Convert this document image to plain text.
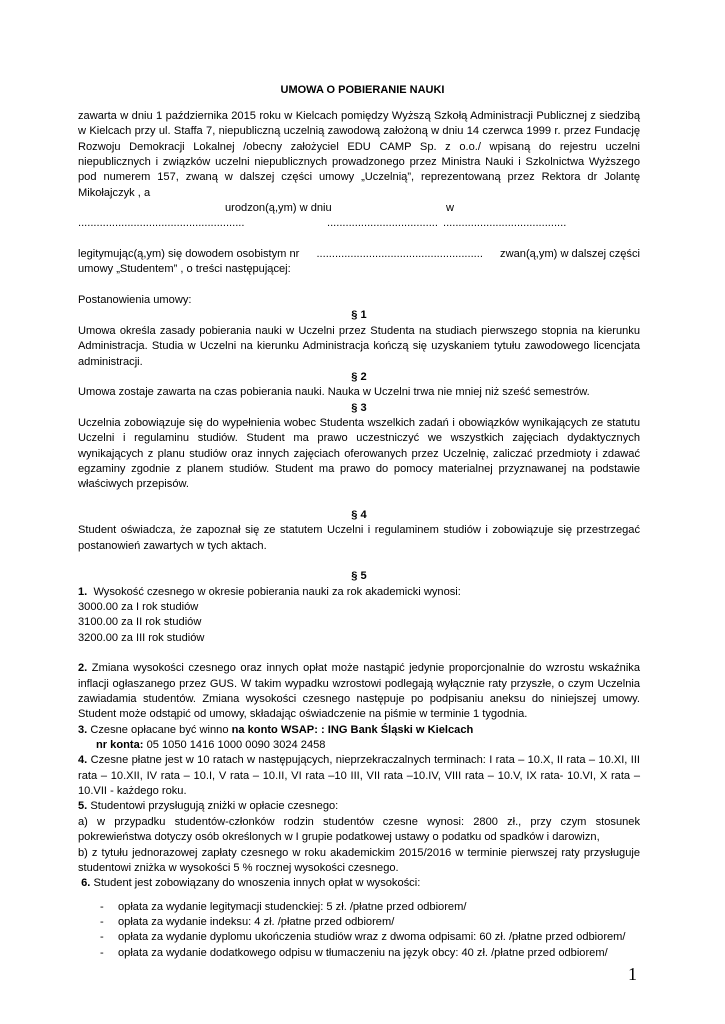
UMOWA O POBIERANIE NAUKI

zawarta w dniu 1 października 2015 roku w Kielcach pomiędzy Wyższą Szkołą Administracji Publicznej z siedzibą w Kielcach przy ul. Staffa 7, niepubliczną uczelnią zawodową założoną w dniu 14 czerwca 1999 r. przez Fundację Rozwoju Demokracji Lokalnej /obecny założyciel EDU CAMP Sp. z o.o./ wpisaną do rejestru uczelni niepublicznych i związków uczelni niepublicznych prowadzonego przez Ministra Nauki i Szkolnictwa Wyższego pod numerem 157, zwaną w dalszej części umowy „Uczelnią”, reprezentowaną przez Rektora dr Jolantę Mikołajczyk , a

urodzon(ą,ym) w dniu	w
......................................................	.................................... ........................................
legitymując(ą,ym) się dowodem osobistym nr ...................................................... zwan(ą,ym) w dalszej części

umowy „Studentem” , o treści następującej:

Postanowienia umowy:

§ 1

Umowa określa zasady pobierania nauki w Uczelni przez Studenta na studiach pierwszego stopnia na kierunku Administracja. Studia w Uczelni na kierunku Administracja kończą się uzyskaniem tytułu zawodowego licencjata administracji.

§ 2

Umowa zostaje zawarta na czas pobierania nauki. Nauka w Uczelni trwa nie mniej niż sześć semestrów.

§ 3

Uczelnia zobowiązuje się do wypełnienia wobec Studenta wszelkich zadań i obowiązków wynikających ze statutu Uczelni i regulaminu studiów. Student ma prawo uczestniczyć we wszystkich zajęciach dydaktycznych wynikających z planu studiów oraz innych zajęciach oferowanych przez Uczelnię, zaliczać przedmioty i zdawać egzaminy zgodnie z planem studiów. Student ma prawo do pomocy materialnej przyznawanej na podstawie właściwych przepisów.

§ 4

Student oświadcza, że zapoznał się ze statutem Uczelni i regulaminem studiów i zobowiązuje się przestrzegać postanowień zawartych w tych aktach.

§ 5

1. Wysokość czesnego w okresie pobierania nauki za rok akademicki wynosi:

3000.00 za I rok studiów

3100.00 za II rok studiów

3200.00 za III rok studiów

2. Zmiana wysokości czesnego oraz innych opłat może nastąpić jedynie proporcjonalnie do wzrostu wskaźnika inflacji ogłaszanego przez GUS. W takim wypadku wzrostowi podlegają wyłącznie raty przyszłe, o czym Uczelnia zawiadamia studentów. Zmiana wysokości czesnego następuje po podpisaniu aneksu do niniejszej umowy. Student może odstąpić od umowy, składając oświadczenie na piśmie w terminie 1 tygodnia.

3. Czesne opłacane być winno na konto WSAP: : ING Bank Śląski w Kielcach

nr konta: 05 1050 1416 1000 0090 3024 2458

4. Czesne płatne jest w 10 ratach w następujących, nieprzekraczalnych terminach: I rata – 10.X, II rata – 10.XI, III rata – 10.XII, IV rata – 10.I, V rata – 10.II, VI rata –10 III, VII rata –10.IV, VIII rata – 10.V, IX rata- 10.VI, X rata – 10.VII - każdego roku.

5. Studentowi przysługują zniżki w opłacie czesnego:

a) w przypadku studentów-członków rodzin studentów czesne wynosi: 2800 zł., przy czym stosunek pokrewieństwa dotyczy osób określonych w I grupie podatkowej ustawy o podatku od spadków i darowizn,

b) z tytułu jednorazowej zapłaty czesnego w roku akademickim 2015/2016 w terminie pierwszej raty przysługuje studentowi zniżka w wysokości 5 % rocznej wysokości czesnego.

6. Student jest zobowiązany do wnoszenia innych opłat w wysokości:

- opłata za wydanie legitymacji studenckiej: 5 zł. /płatne przed odbiorem/
- opłata za wydanie indeksu: 4 zł. /płatne przed odbiorem/
- opłata za wydanie dyplomu ukończenia studiów wraz z dwoma odpisami: 60 zł. /płatne przed odbiorem/
- opłata za wydanie dodatkowego odpisu w tłumaczeniu na język obcy: 40 zł. /płatne przed odbiorem/
1
